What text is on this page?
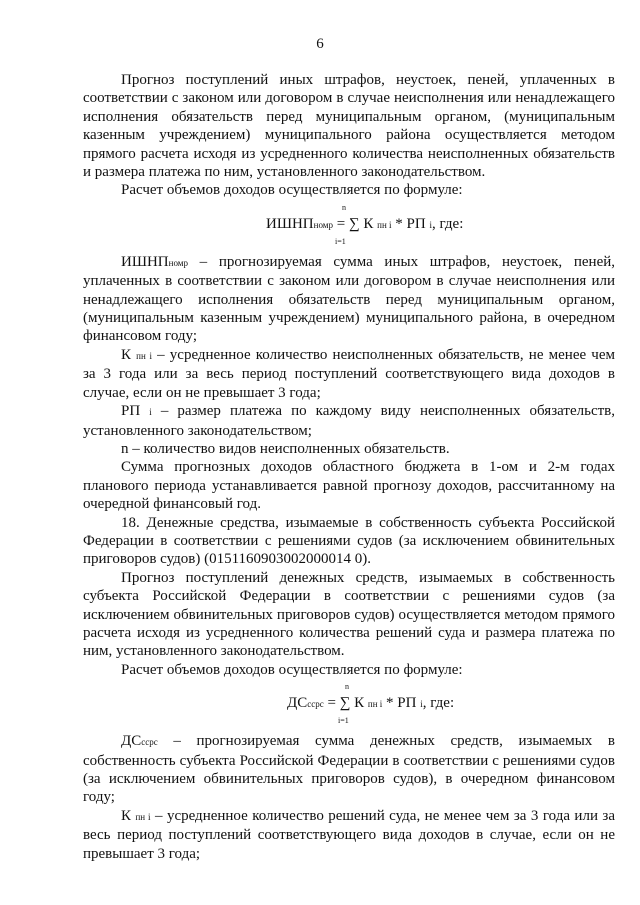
6

Прогноз поступлений иных штрафов, неустоек, пеней, уплаченных в соответствии с законом или договором в случае неисполнения или ненадлежащего исполнения обязательств перед муниципальным органом, (муниципальным казенным учреждением) муниципального района осуществляется методом прямого расчета исходя из усредненного количества неисполненных обязательств и размера платежа по ним, установленного законодательством.

Расчет объемов доходов осуществляется по формуле:

n
ИШНПномр = ∑ К пн i * РП i, где:
i=1

ИШНПномр – прогнозируемая сумма иных штрафов, неустоек, пеней, уплаченных в соответствии с законом или договором в случае неисполнения или ненадлежащего исполнения обязательств перед муниципальным органом, (муниципальным казенным учреждением) муниципального района, в очередном финансовом году;

К пн i – усредненное количество неисполненных обязательств, не менее чем за 3 года или за весь период поступлений соответствующего вида доходов в случае, если он не превышает 3 года;

РП i – размер платежа по каждому виду неисполненных обязательств, установленного законодательством;

n – количество видов неисполненных обязательств.

Сумма прогнозных доходов областного бюджета в 1-ом и 2-м годах планового периода устанавливается равной прогнозу доходов, рассчитанному на очередной финансовый год.

18. Денежные средства, изымаемые в собственность субъекта Российской Федерации в соответствии с решениями судов (за исключением обвинительных приговоров судов) (0151160903002000014 0).

Прогноз поступлений денежных средств, изымаемых в собственность субъекта Российской Федерации в соответствии с решениями судов (за исключением обвинительных приговоров судов) осуществляется методом прямого расчета исходя из усредненного количества решений суда и размера платежа по ним, установленного законодательством.

Расчет объемов доходов осуществляется по формуле:

n
ДСссрс = ∑ К пн i * РП i, где:
i=1

ДСссрс – прогнозируемая сумма денежных средств, изымаемых в собственность субъекта Российской Федерации в соответствии с решениями судов (за исключением обвинительных приговоров судов), в очередном финансовом году;

К пн i – усредненное количество решений суда, не менее чем за 3 года или за весь период поступлений соответствующего вида доходов в случае, если он не превышает 3 года;
